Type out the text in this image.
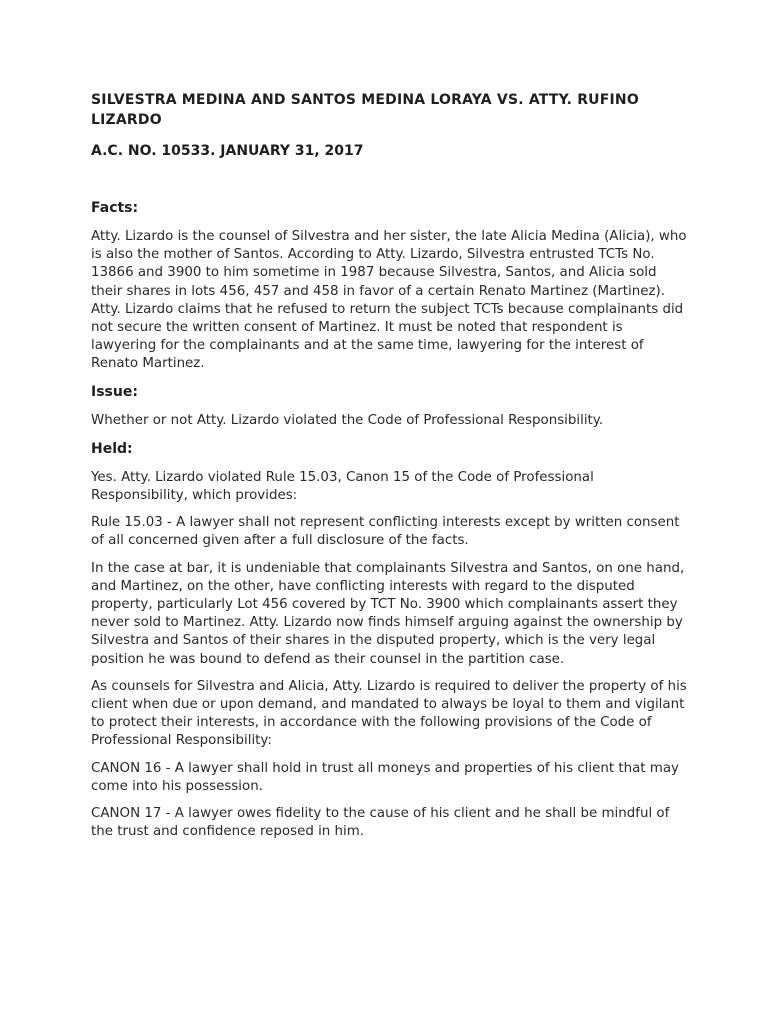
SILVESTRA MEDINA AND SANTOS MEDINA LORAYA VS. ATTY. RUFINO LIZARDO
A.C. NO. 10533. JANUARY 31, 2017
Facts:
Atty. Lizardo is the counsel of Silvestra and her sister, the late Alicia Medina (Alicia), who is also the mother of Santos. According to Atty. Lizardo, Silvestra entrusted TCTs No. 13866 and 3900 to him sometime in 1987 because Silvestra, Santos, and Alicia sold their shares in lots 456, 457 and 458 in favor of a certain Renato Martinez (Martinez). Atty. Lizardo claims that he refused to return the subject TCTs because complainants did not secure the written consent of Martinez. It must be noted that respondent is lawyering for the complainants and at the same time, lawyering for the interest of Renato Martinez.
Issue:
Whether or not Atty. Lizardo violated the Code of Professional Responsibility.
Held:
Yes. Atty. Lizardo violated Rule 15.03, Canon 15 of the Code of Professional Responsibility, which provides:
Rule 15.03 - A lawyer shall not represent conflicting interests except by written consent of all concerned given after a full disclosure of the facts.
In the case at bar, it is undeniable that complainants Silvestra and Santos, on one hand, and Martinez, on the other, have conflicting interests with regard to the disputed property, particularly Lot 456 covered by TCT No. 3900 which complainants assert they never sold to Martinez. Atty. Lizardo now finds himself arguing against the ownership by Silvestra and Santos of their shares in the disputed property, which is the very legal position he was bound to defend as their counsel in the partition case.
As counsels for Silvestra and Alicia, Atty. Lizardo is required to deliver the property of his client when due or upon demand, and mandated to always be loyal to them and vigilant to protect their interests, in accordance with the following provisions of the Code of Professional Responsibility:
CANON 16 - A lawyer shall hold in trust all moneys and properties of his client that may come into his possession.
CANON 17 - A lawyer owes fidelity to the cause of his client and he shall be mindful of the trust and confidence reposed in him.
